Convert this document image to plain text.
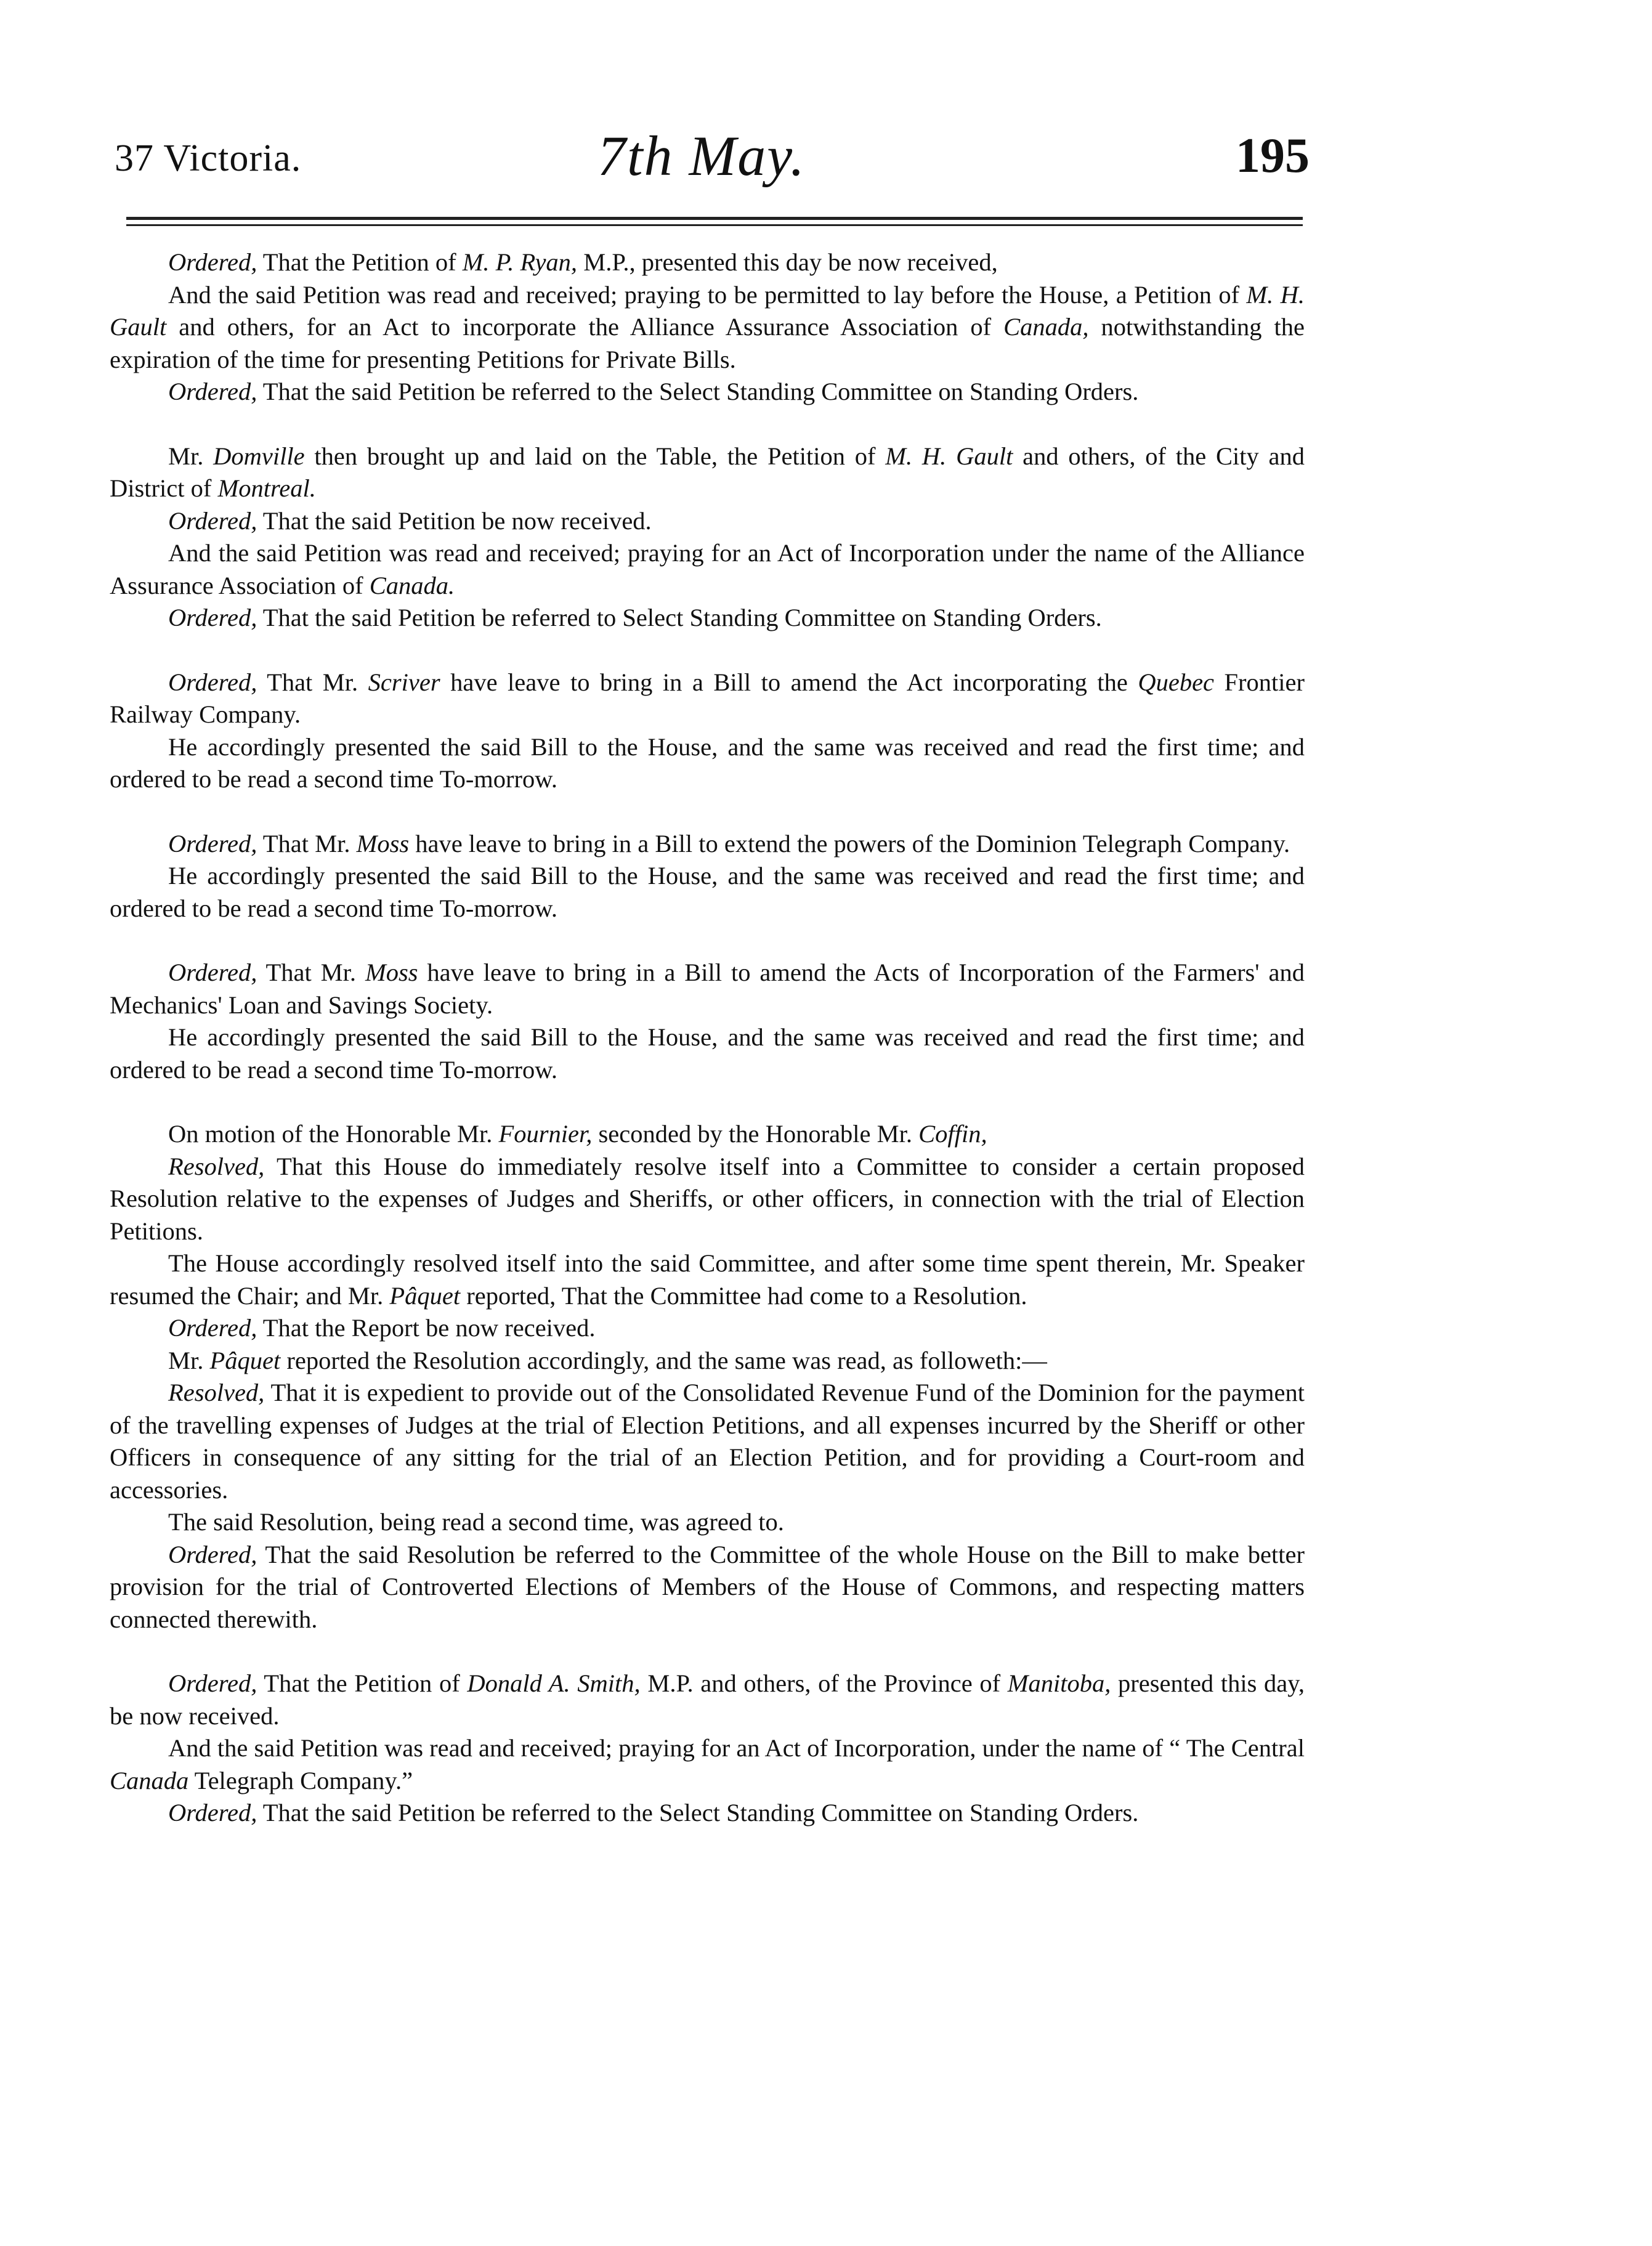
37 Victoria.	7th May.	195

Ordered, That the Petition of M. P. Ryan, M.P., presented this day be now received,

And the said Petition was read and received; praying to be permitted to lay before the House, a Petition of M. H. Gault and others, for an Act to incorporate the Alliance Assurance Association of Canada, notwithstanding the expiration of the time for presenting Petitions for Private Bills.

Ordered, That the said Petition be referred to the Select Standing Committee on Standing Orders.

Mr. Domville then brought up and laid on the Table, the Petition of M. H. Gault and others, of the City and District of Montreal.

Ordered, That the said Petition be now received.

And the said Petition was read and received; praying for an Act of Incorporation under the name of the Alliance Assurance Association of Canada.

Ordered, That the said Petition be referred to Select Standing Committee on Standing Orders.

Ordered, That Mr. Scriver have leave to bring in a Bill to amend the Act incorporating the Quebec Frontier Railway Company.

He accordingly presented the said Bill to the House, and the same was received and read the first time; and ordered to be read a second time To-morrow.

Ordered, That Mr. Moss have leave to bring in a Bill to extend the powers of the Dominion Telegraph Company.

He accordingly presented the said Bill to the House, and the same was received and read the first time; and ordered to be read a second time To-morrow.

Ordered, That Mr. Moss have leave to bring in a Bill to amend the Acts of Incorporation of the Farmers' and Mechanics' Loan and Savings Society.

He accordingly presented the said Bill to the House, and the same was received and read the first time; and ordered to be read a second time To-morrow.

On motion of the Honorable Mr. Fournier, seconded by the Honorable Mr. Coffin,

Resolved, That this House do immediately resolve itself into a Committee to consider a certain proposed Resolution relative to the expenses of Judges and Sheriffs, or other officers, in connection with the trial of Election Petitions.

The House accordingly resolved itself into the said Committee, and after some time spent therein, Mr. Speaker resumed the Chair; and Mr. Pâquet reported, That the Committee had come to a Resolution.

Ordered, That the Report be now received.

Mr. Pâquet reported the Resolution accordingly, and the same was read, as followeth:—

Resolved, That it is expedient to provide out of the Consolidated Revenue Fund of the Dominion for the payment of the travelling expenses of Judges at the trial of Election Petitions, and all expenses incurred by the Sheriff or other Officers in consequence of any sitting for the trial of an Election Petition, and for providing a Court-room and accessories.

The said Resolution, being read a second time, was agreed to.

Ordered, That the said Resolution be referred to the Committee of the whole House on the Bill to make better provision for the trial of Controverted Elections of Members of the House of Commons, and respecting matters connected therewith.

Ordered, That the Petition of Donald A. Smith, M.P. and others, of the Province of Manitoba, presented this day, be now received.

And the said Petition was read and received; praying for an Act of Incorporation, under the name of “ The Central Canada Telegraph Company.”

Ordered, That the said Petition be referred to the Select Standing Committee on Standing Orders.
